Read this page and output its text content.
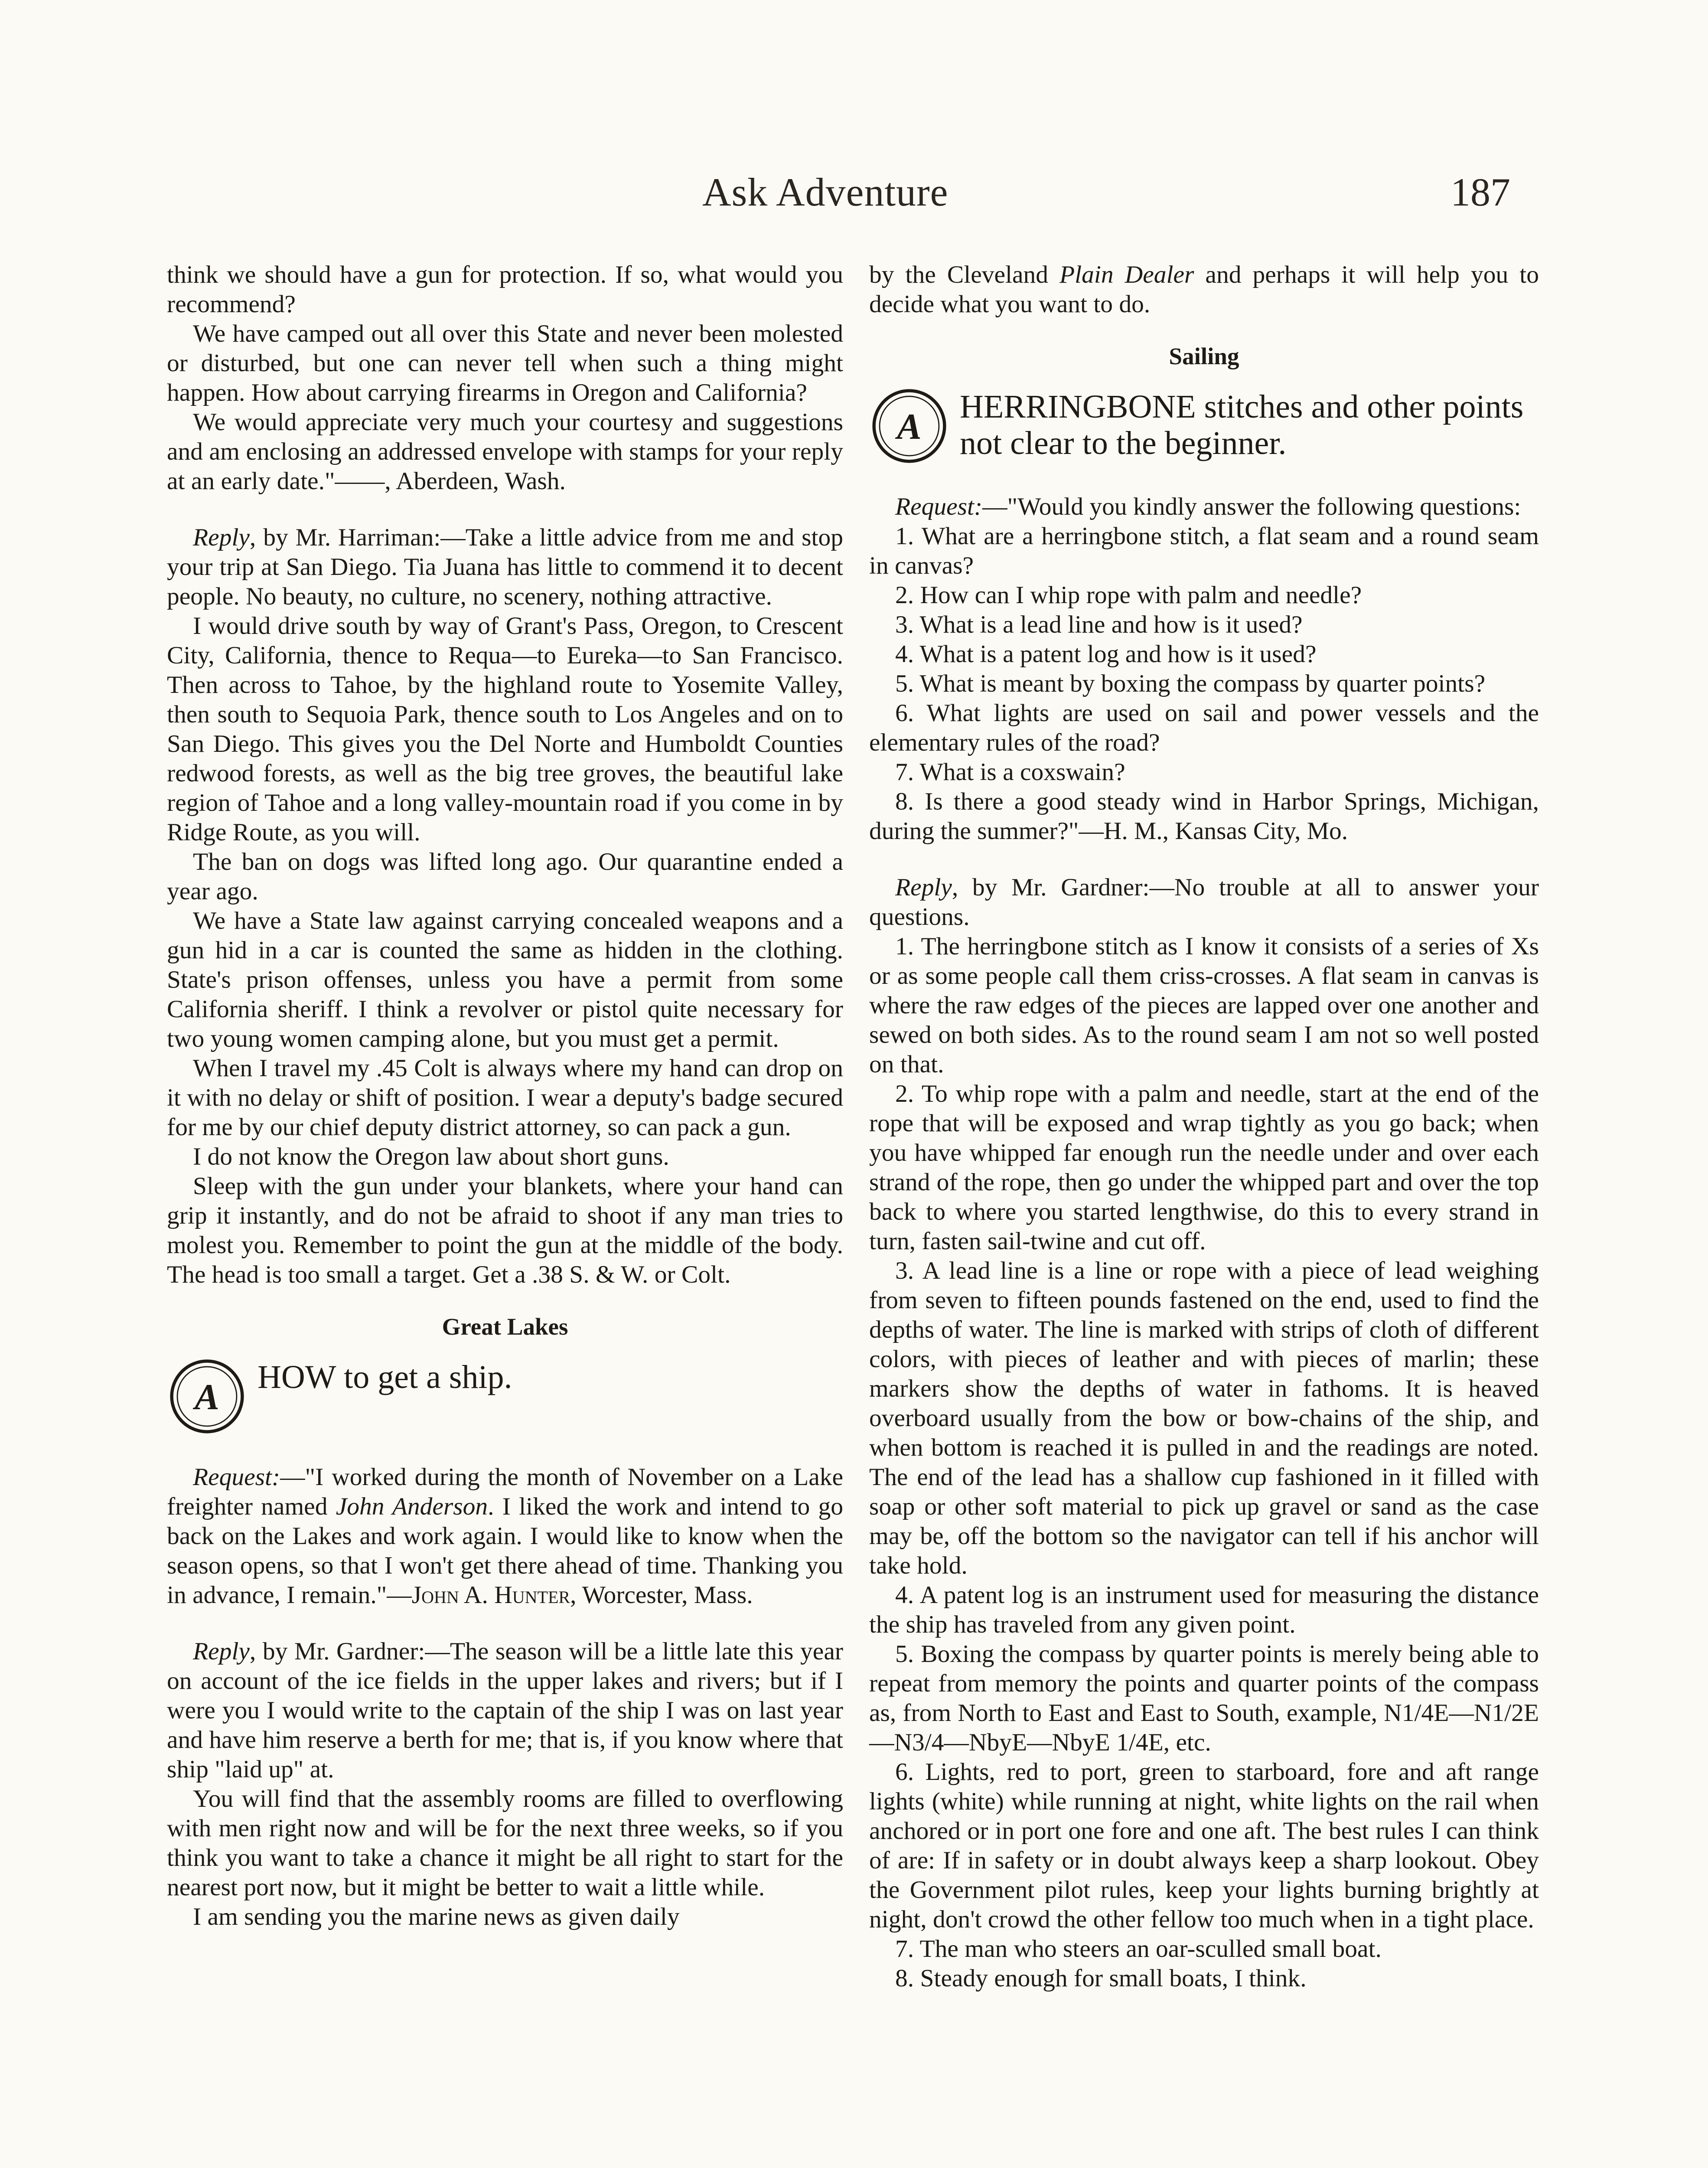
Ask Adventure	187

think we should have a gun for protection. If so, what would you recommend?

We have camped out all over this State and never been molested or disturbed, but one can never tell when such a thing might happen. How about carrying firearms in Oregon and California?

We would appreciate very much your courtesy and suggestions and am enclosing an addressed envelope with stamps for your reply at an early date."——, Aberdeen, Wash.

Reply, by Mr. Harriman:—Take a little advice from me and stop your trip at San Diego. Tia Juana has little to commend it to decent people. No beauty, no culture, no scenery, nothing attractive.

I would drive south by way of Grant's Pass, Oregon, to Crescent City, California, thence to Requa—to Eureka—to San Francisco. Then across to Tahoe, by the highland route to Yosemite Valley, then south to Sequoia Park, thence south to Los Angeles and on to San Diego. This gives you the Del Norte and Humboldt Counties redwood forests, as well as the big tree groves, the beautiful lake region of Tahoe and a long valley-mountain road if you come in by Ridge Route, as you will.

The ban on dogs was lifted long ago. Our quarantine ended a year ago.

We have a State law against carrying concealed weapons and a gun hid in a car is counted the same as hidden in the clothing. State's prison offenses, unless you have a permit from some California sheriff. I think a revolver or pistol quite necessary for two young women camping alone, but you must get a permit.

When I travel my .45 Colt is always where my hand can drop on it with no delay or shift of position. I wear a deputy's badge secured for me by our chief deputy district attorney, so can pack a gun.

I do not know the Oregon law about short guns.

Sleep with the gun under your blankets, where your hand can grip it instantly, and do not be afraid to shoot if any man tries to molest you. Remember to point the gun at the middle of the body. The head is too small a target. Get a .38 S. & W. or Colt.

Great Lakes
A HOW to get a ship.

Request:—"I worked during the month of November on a Lake freighter named John Anderson. I liked the work and intend to go back on the Lakes and work again. I would like to know when the season opens, so that I won't get there ahead of time. Thanking you in advance, I remain."—John A. Hunter, Worcester, Mass.

Reply, by Mr. Gardner:—The season will be a little late this year on account of the ice fields in the upper lakes and rivers; but if I were you I would write to the captain of the ship I was on last year and have him reserve a berth for me; that is, if you know where that ship "laid up" at.

You will find that the assembly rooms are filled to overflowing with men right now and will be for the next three weeks, so if you think you want to take a chance it might be all right to start for the nearest port now, but it might be better to wait a little while.

I am sending you the marine news as given daily

by the Cleveland Plain Dealer and perhaps it will help you to decide what you want to do.

Sailing
A HERRINGBONE stitches and other points not clear to the beginner.

Request:—"Would you kindly answer the following questions:

1. What are a herringbone stitch, a flat seam and a round seam in canvas?

2. How can I whip rope with palm and needle?

3. What is a lead line and how is it used?

4. What is a patent log and how is it used?

5. What is meant by boxing the compass by quarter points?

6. What lights are used on sail and power vessels and the elementary rules of the road?

7. What is a coxswain?

8. Is there a good steady wind in Harbor Springs, Michigan, during the summer?"—H. M., Kansas City, Mo.

Reply, by Mr. Gardner:—No trouble at all to answer your questions.

1. The herringbone stitch as I know it consists of a series of Xs or as some people call them criss-crosses. A flat seam in canvas is where the raw edges of the pieces are lapped over one another and sewed on both sides. As to the round seam I am not so well posted on that.

2. To whip rope with a palm and needle, start at the end of the rope that will be exposed and wrap tightly as you go back; when you have whipped far enough run the needle under and over each strand of the rope, then go under the whipped part and over the top back to where you started lengthwise, do this to every strand in turn, fasten sail-twine and cut off.

3. A lead line is a line or rope with a piece of lead weighing from seven to fifteen pounds fastened on the end, used to find the depths of water. The line is marked with strips of cloth of different colors, with pieces of leather and with pieces of marlin; these markers show the depths of water in fathoms. It is heaved overboard usually from the bow or bow-chains of the ship, and when bottom is reached it is pulled in and the readings are noted. The end of the lead has a shallow cup fashioned in it filled with soap or other soft material to pick up gravel or sand as the case may be, off the bottom so the navigator can tell if his anchor will take hold.

4. A patent log is an instrument used for measuring the distance the ship has traveled from any given point.

5. Boxing the compass by quarter points is merely being able to repeat from memory the points and quarter points of the compass as, from North to East and East to South, example, N1/4E—N1/2E—N3/4—NbyE—NbyE 1/4E, etc.

6. Lights, red to port, green to starboard, fore and aft range lights (white) while running at night, white lights on the rail when anchored or in port one fore and one aft. The best rules I can think of are: If in safety or in doubt always keep a sharp lookout. Obey the Government pilot rules, keep your lights burning brightly at night, don't crowd the other fellow too much when in a tight place.

7. The man who steers an oar-sculled small boat.

8. Steady enough for small boats, I think.
